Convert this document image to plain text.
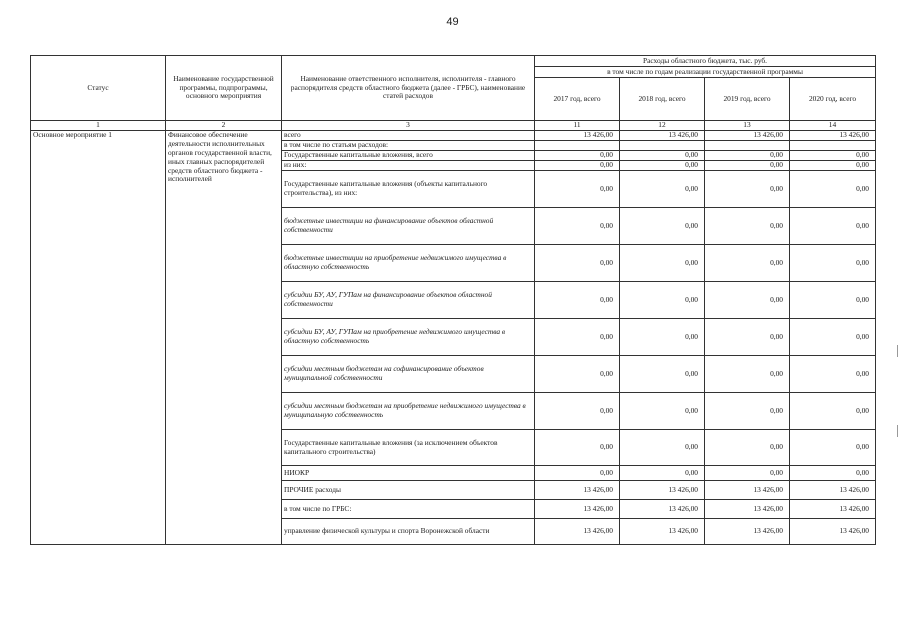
49
Статус	Наименование государственной программы, подпрограммы, основного мероприятия	Наименование ответственного исполнителя, исполнителя - главного распорядителя средств областного бюджета (далее - ГРБС), наименование статей расходов	Расходы областного бюджета, тыс. руб.			
			в том числе по годам реализации государственной программы			
			2017 год, всего	2018 год, всего	2019 год, всего	2020 год, всего
1	2	3	11	12	13	14
Основное мероприятие 1	Финансовое обеспечение деятельности исполнительных органов государственной власти, иных главных распорядителей средств областного бюджета - исполнителей	всего	13 426,00	13 426,00	13 426,00	13 426,00
		в том числе по статьям расходов:				
		Государственные капитальные вложения, всего	0,00	0,00	0,00	0,00
		из них:	0,00	0,00	0,00	0,00
		Государственные капитальные вложения (объекты капитального строительства), из них:	0,00	0,00	0,00	0,00
		бюджетные инвестиции на финансирование объектов областной собственности	0,00	0,00	0,00	0,00
		бюджетные инвестиции на приобретение недвижимого имущества в областную собственность	0,00	0,00	0,00	0,00
		субсидии БУ, АУ, ГУПам на финансирование объектов областной собственности	0,00	0,00	0,00	0,00
		субсидии БУ, АУ, ГУПам на приобретение недвижимого имущества в областную собственность	0,00	0,00	0,00	0,00
		субсидии местным бюджетам на софинансирование объектов муниципальной собственности	0,00	0,00	0,00	0,00
		субсидии местным бюджетам на приобретение недвижимого имущества в муниципальную собственность	0,00	0,00	0,00	0,00
		Государственные капитальные вложения (за исключением объектов капитального строительства)	0,00	0,00	0,00	0,00
		НИОКР	0,00	0,00	0,00	0,00
		ПРОЧИЕ расходы	13 426,00	13 426,00	13 426,00	13 426,00
		в том числе по ГРБС:	13 426,00	13 426,00	13 426,00	13 426,00
		управление физической культуры и спорта Воронежской области	13 426,00	13 426,00	13 426,00	13 426,00
